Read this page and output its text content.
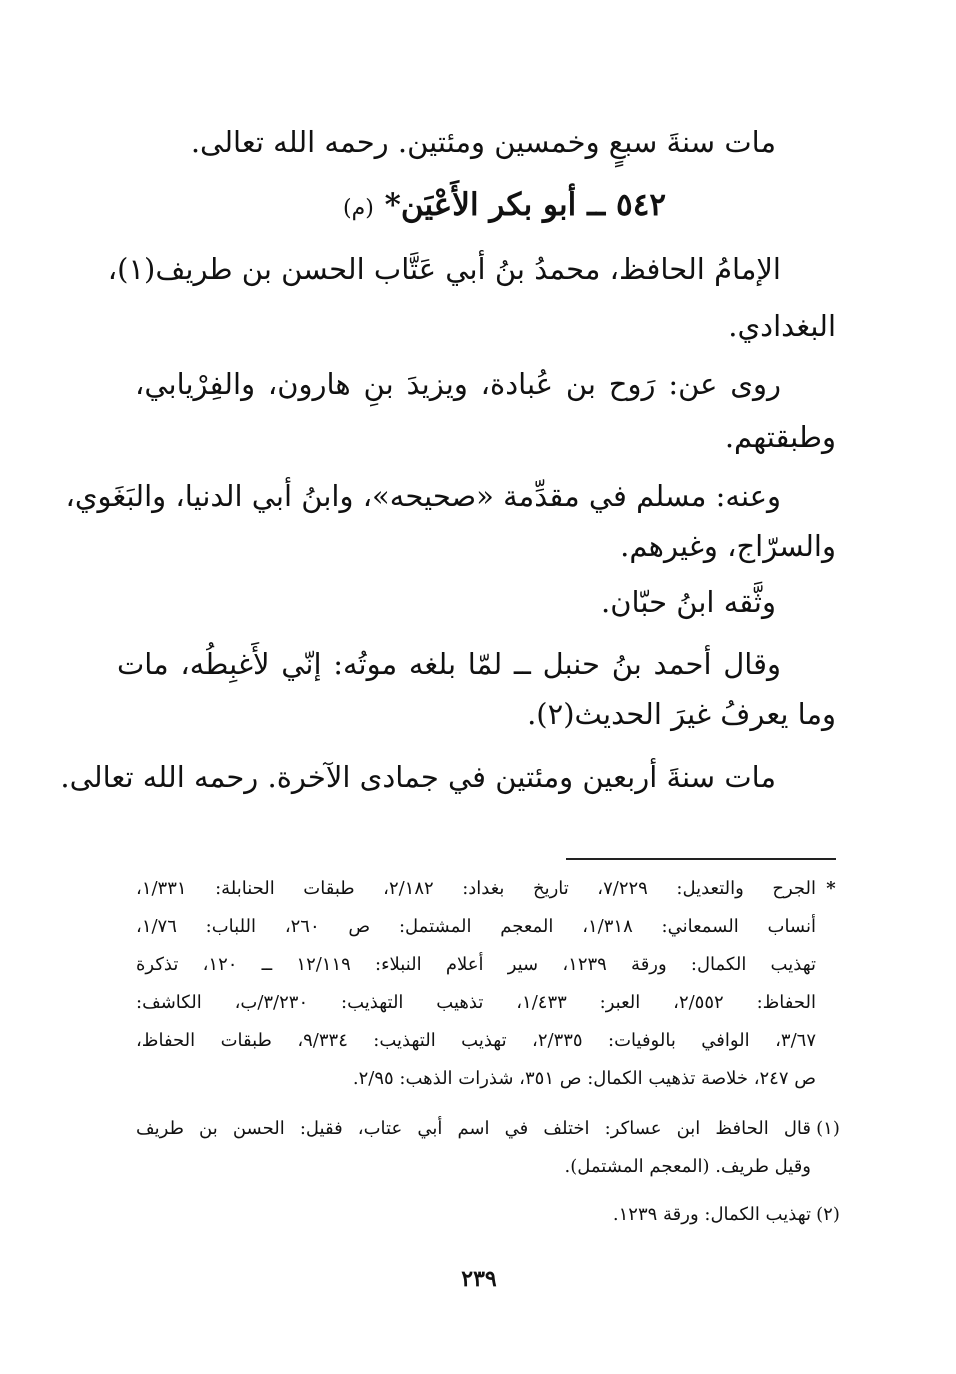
مات سنةَ سبعٍ وخمسين ومئتين. رحمه الله تعالى.
٥٤٢ ــ أبو بكر الأَعْيَن* (م)
الإمامُ الحافظ، محمدُ بنُ أبي عَتَّاب الحسن بن طريف(١)،
البغدادي.
روى عن: رَوح بن عُبادة، ويزيدَ بنِ هارون، والفِرْيابي،
وطبقتهم.
وعنه: مسلم في مقدِّمة «صحيحه»، وابنُ أبي الدنيا، والبَغَوي،
والسرّاج، وغيرهم.
وثَّقه ابنُ حبّان.
وقال أحمد بنُ حنبل ــ لمّا بلغه موتُه: إنّي لأَغبِطُه، مات
وما يعرفُ غيرَ الحديث(٢).
مات سنةَ أربعين ومئتين في جمادى الآخرة. رحمه الله تعالى.
*
الجرح والتعديل: ٧/٢٢٩، تاريخ بغداد: ٢/١٨٢، طبقات الحنابلة: ١/٣٣١،
أنساب السمعاني: ١/٣١٨، المعجم المشتمل: ص ٢٦٠، اللباب: ١/٧٦،
تهذيب الكمال: ورقة ١٢٣٩، سير أعلام النبلاء: ١٢/١١٩ ــ ١٢٠، تذكرة
الحفاظ: ٢/٥٥٢، العبر: ١/٤٣٣، تذهيب التهذيب: ٣/٢٣٠/ب، الكاشف:
٣/٦٧، الوافي بالوفيات: ٢/٣٣٥، تهذيب التهذيب: ٩/٣٣٤، طبقات الحفاظ،
ص ٢٤٧، خلاصة تذهيب الكمال: ص ٣٥١، شذرات الذهب: ٢/٩٥.
(١)
قال الحافظ ابن عساكر: اختلف في اسم أبي عتاب، فقيل: الحسن بن طريف
وقيل طريف. (المعجم المشتمل).
(٢)
تهذيب الكمال: ورقة ١٢٣٩.
٢٣٩
